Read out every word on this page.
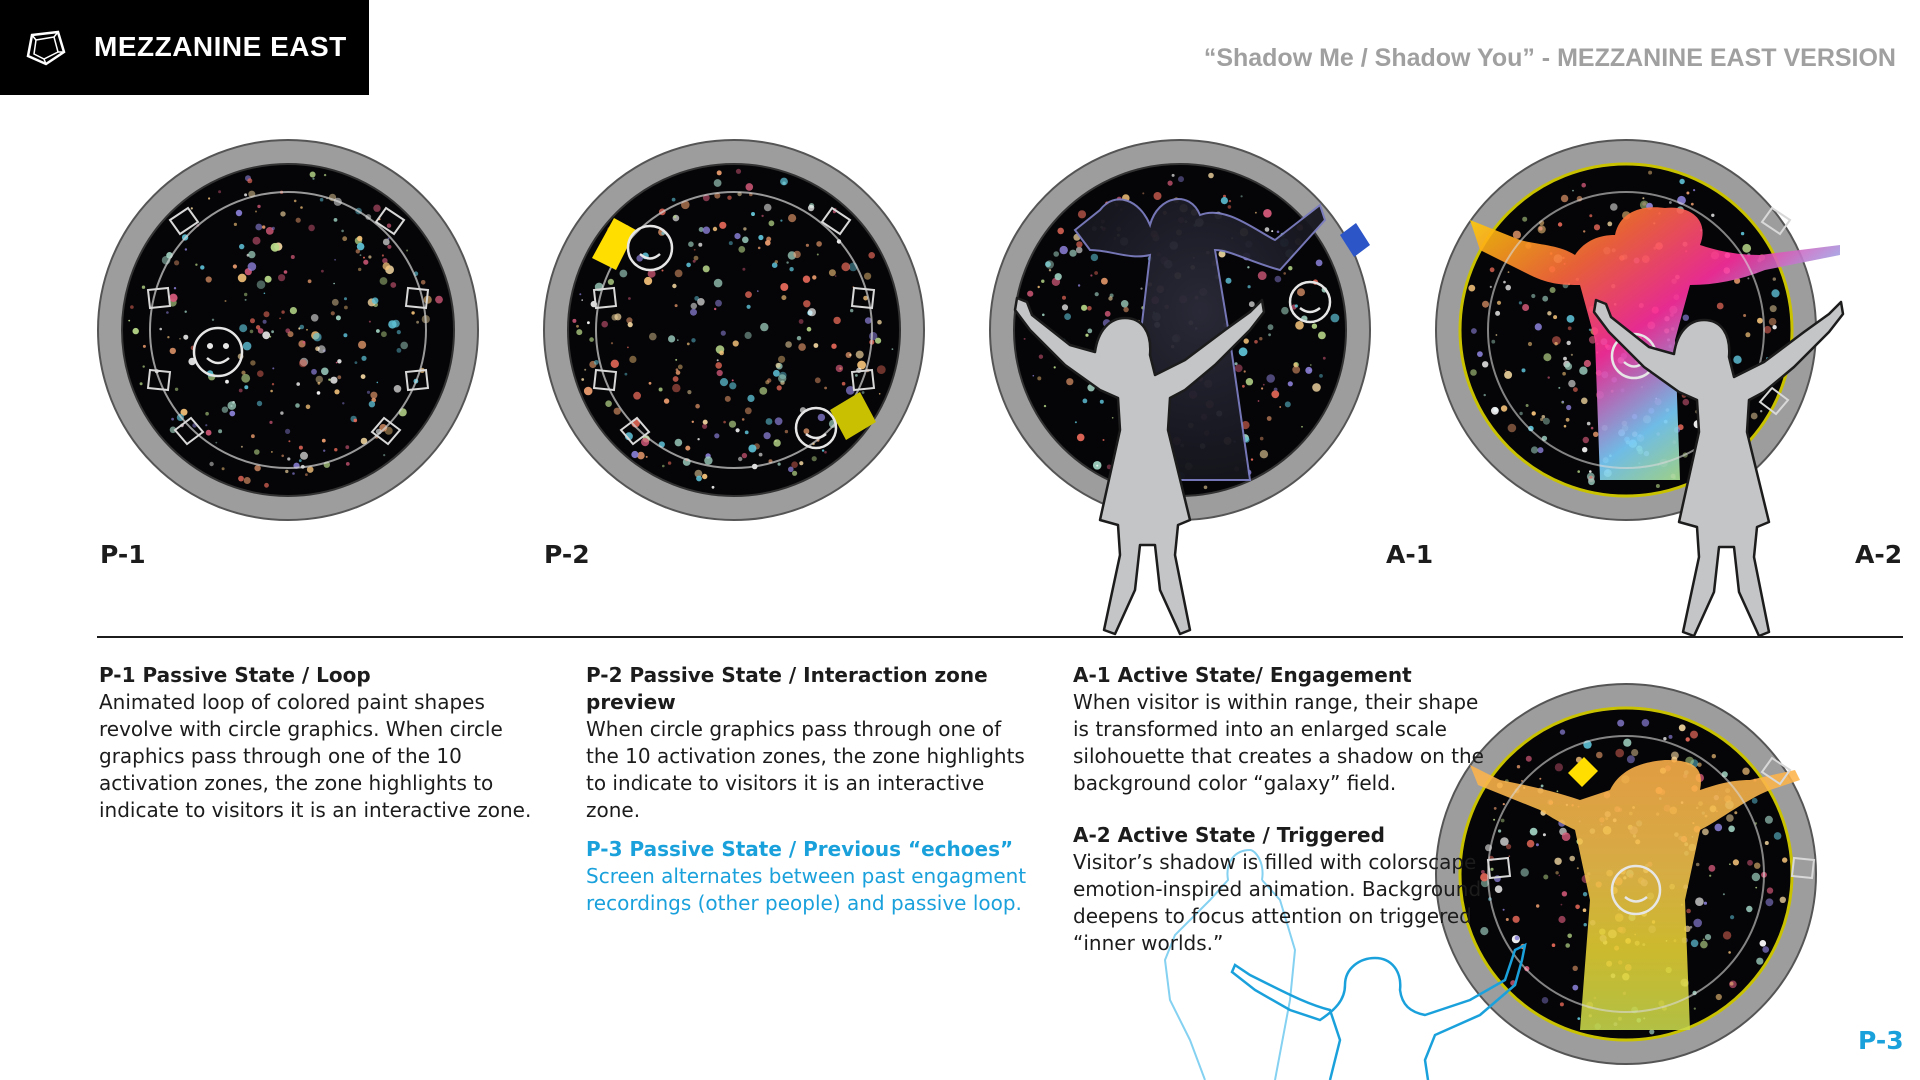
MEZZANINE EAST	“Shadow Me / Shadow You” - MEZZANINE EAST VERSION
P-1	P-2	A-1	A-2
P-1 Passive State / Loop
Animated loop of colored paint shapes
revolve with circle graphics. When circle
graphics pass through one of the 10
activation zones, the zone highlights to
indicate to visitors it is an interactive zone.
P-2 Passive State / Interaction zone
preview
When circle graphics pass through one of
the 10 activation zones, the zone highlights
to indicate to visitors it is an interactive
zone.
P-3 Passive State / Previous “echoes”
Screen alternates between past engagment
recordings (other people) and passive loop.
A-1 Active State/ Engagement
When visitor is within range, their shape
is transformed into an enlarged scale
silohouette that creates a shadow on the
background color “galaxy” field.
A-2 Active State / Triggered
Visitor’s shadow is filled with colorscape
emotion-inspired animation. Background
deepens to focus attention on triggered
“inner worlds.”
P-3
